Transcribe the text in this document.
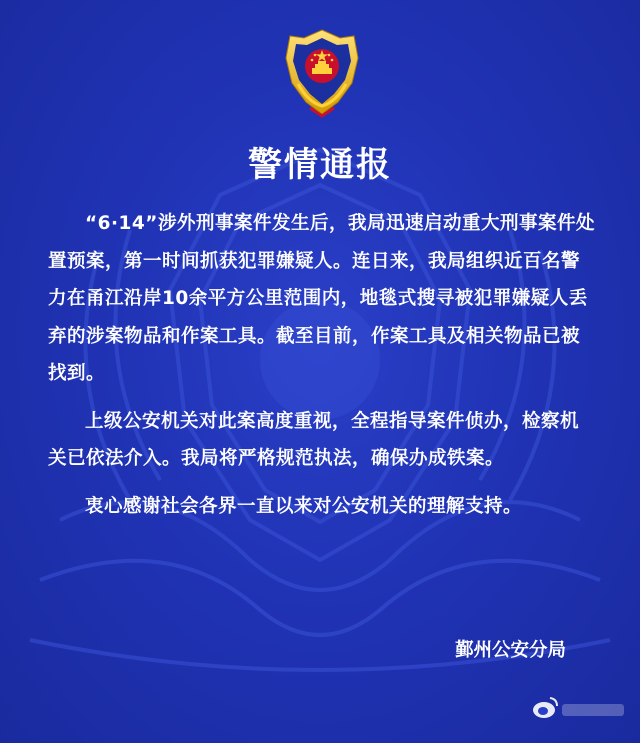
警情通报

“6·14”涉外刑事案件发生后，我局迅速启动重大刑事案件处置预案，第一时间抓获犯罪嫌疑人。连日来，我局组织近百名警力在甬江沿岸10余平方公里范围内，地毯式搜寻被犯罪嫌疑人丢弃的涉案物品和作案工具。截至目前，作案工具及相关物品已被找到。

上级公安机关对此案高度重视，全程指导案件侦办，检察机关已依法介入。我局将严格规范执法，确保办成铁案。

衷心感谢社会各界一直以来对公安机关的理解支持。

鄞州公安分局
